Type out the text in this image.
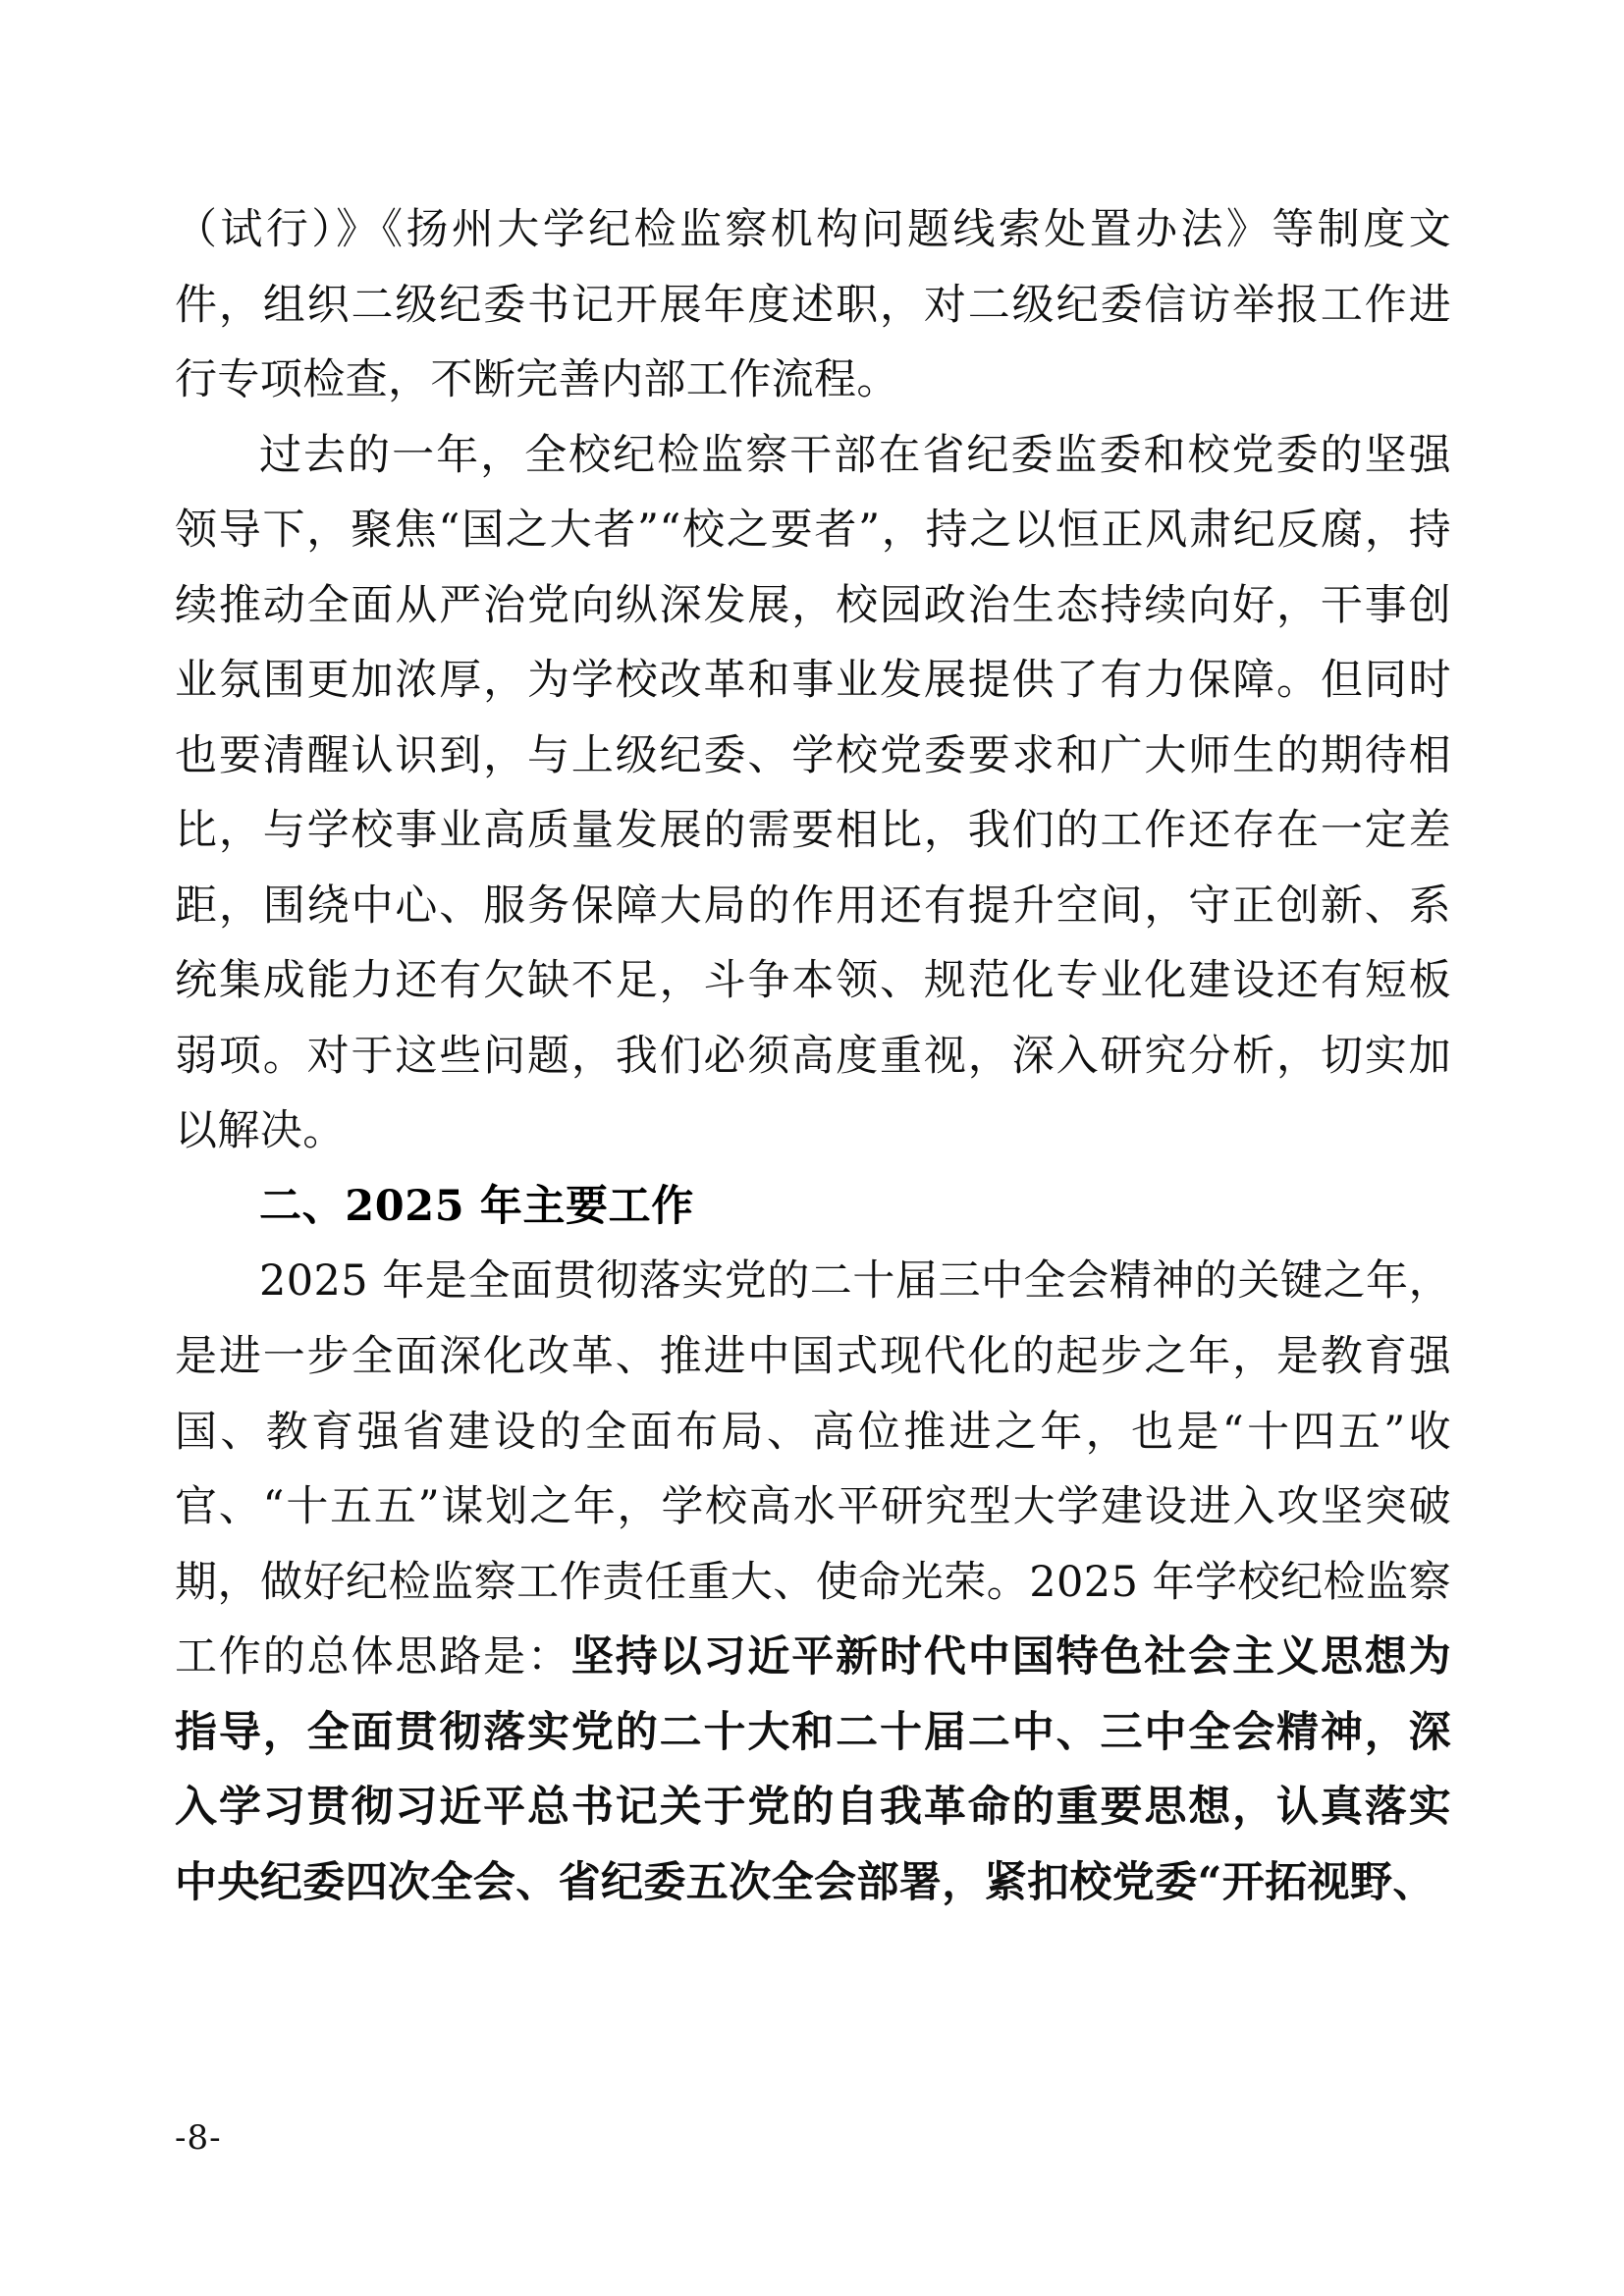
（试行）》《扬州大学纪检监察机构问题线索处置办法》等制度文件，组织二级纪委书记开展年度述职，对二级纪委信访举报工作进行专项检查，不断完善内部工作流程。

过去的一年，全校纪检监察干部在省纪委监委和校党委的坚强领导下，聚焦“国之大者”“校之要者”，持之以恒正风肃纪反腐，持续推动全面从严治党向纵深发展，校园政治生态持续向好，干事创业氛围更加浓厚，为学校改革和事业发展提供了有力保障。但同时也要清醒认识到，与上级纪委、学校党委要求和广大师生的期待相比，与学校事业高质量发展的需要相比，我们的工作还存在一定差距，围绕中心、服务保障大局的作用还有提升空间，守正创新、系统集成能力还有欠缺不足，斗争本领、规范化专业化建设还有短板弱项。对于这些问题，我们必须高度重视，深入研究分析，切实加以解决。

二、2025 年主要工作

2025 年是全面贯彻落实党的二十届三中全会精神的关键之年，是进一步全面深化改革、推进中国式现代化的起步之年，是教育强国、教育强省建设的全面布局、高位推进之年，也是“十四五”收官、“十五五”谋划之年，学校高水平研究型大学建设进入攻坚突破期，做好纪检监察工作责任重大、使命光荣。2025 年学校纪检监察工作的总体思路是：坚持以习近平新时代中国特色社会主义思想为指导，全面贯彻落实党的二十大和二十届二中、三中全会精神，深入学习贯彻习近平总书记关于党的自我革命的重要思想，认真落实中央纪委四次全会、省纪委五次全会部署，紧扣校党委“开拓视野、

-8-
